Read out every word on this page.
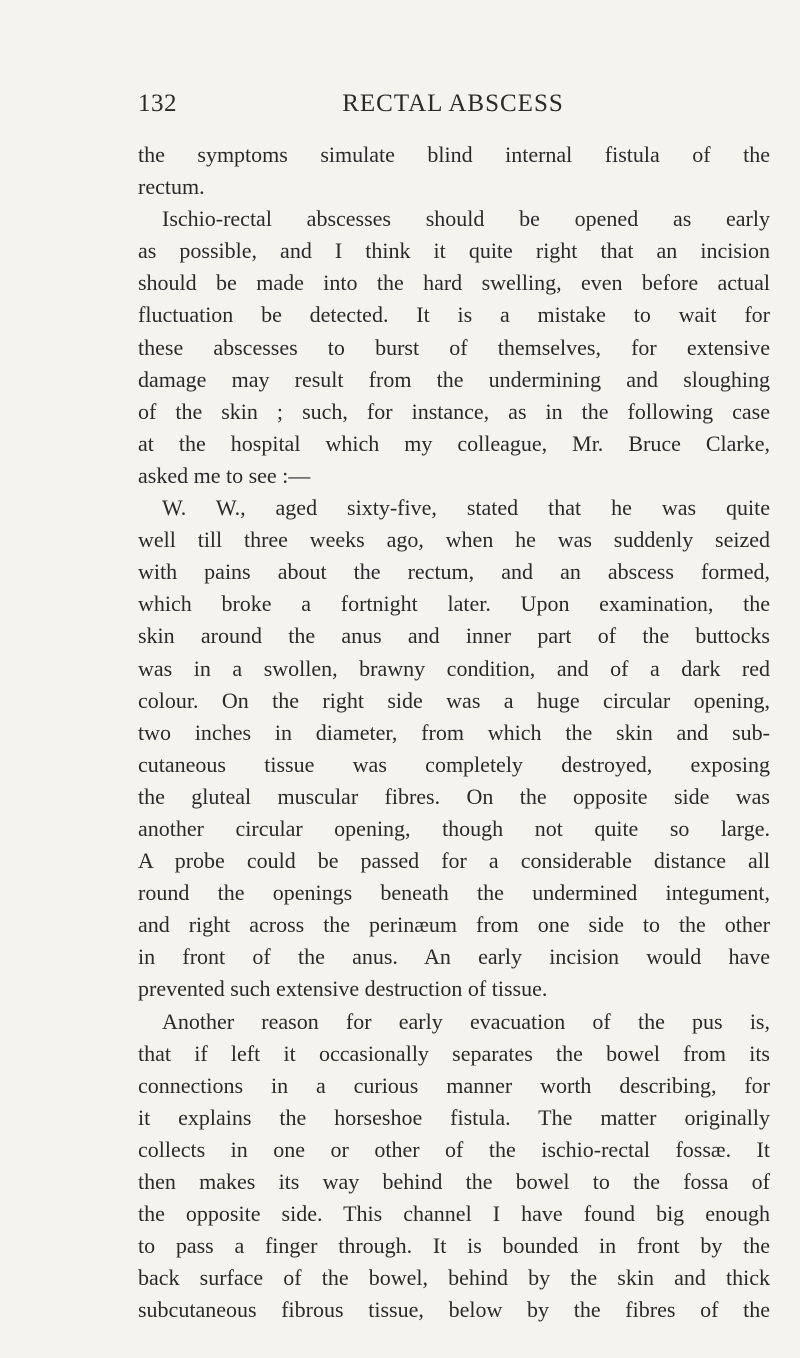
132	RECTAL ABSCESS
the symptoms simulate blind internal fistula of the
rectum.
Ischio-rectal abscesses should be opened as early
as possible, and I think it quite right that an incision
should be made into the hard swelling, even before actual
fluctuation be detected. It is a mistake to wait for
these abscesses to burst of themselves, for extensive
damage may result from the undermining and sloughing
of the skin ; such, for instance, as in the following case
at the hospital which my colleague, Mr. Bruce Clarke,
asked me to see :—
W. W., aged sixty-five, stated that he was quite
well till three weeks ago, when he was suddenly seized
with pains about the rectum, and an abscess formed,
which broke a fortnight later. Upon examination, the
skin around the anus and inner part of the buttocks
was in a swollen, brawny condition, and of a dark red
colour. On the right side was a huge circular opening,
two inches in diameter, from which the skin and sub-
cutaneous tissue was completely destroyed, exposing
the gluteal muscular fibres. On the opposite side was
another circular opening, though not quite so large.
A probe could be passed for a considerable distance all
round the openings beneath the undermined integument,
and right across the perinæum from one side to the other
in front of the anus. An early incision would have
prevented such extensive destruction of tissue.
Another reason for early evacuation of the pus is,
that if left it occasionally separates the bowel from its
connections in a curious manner worth describing, for
it explains the horseshoe fistula. The matter originally
collects in one or other of the ischio-rectal fossæ. It
then makes its way behind the bowel to the fossa of
the opposite side. This channel I have found big enough
to pass a finger through. It is bounded in front by the
back surface of the bowel, behind by the skin and thick
subcutaneous fibrous tissue, below by the fibres of the
